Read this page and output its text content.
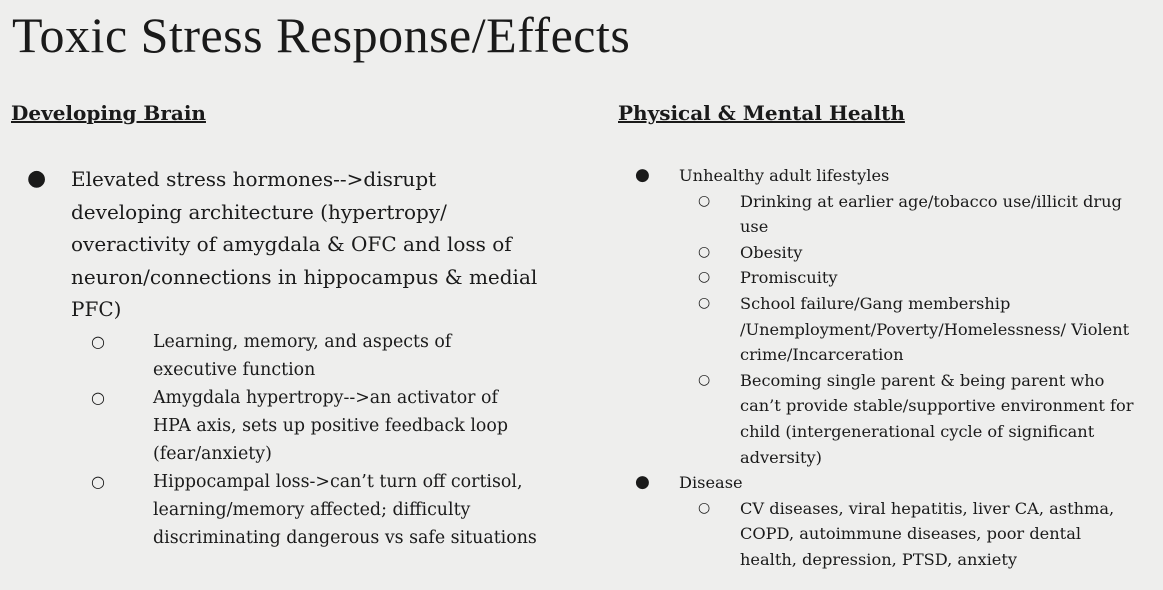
Toxic Stress Response/Effects
Developing Brain	Physical & Mental Health
● Elevated stress hormones-->disrupt developing architecture (hypertropy/ overactivity of amygdala & OFC and loss of neuron/connections in hippocampus & medial PFC)
○	Learning, memory, and aspects of executive function
○	Amygdala hypertropy-->an activator of HPA axis, sets up positive feedback loop (fear/anxiety)
○	Hippocampal loss->can’t turn off cortisol, learning/memory affected; difficulty discriminating dangerous vs safe situations
● Unhealthy adult lifestyles
○ Drinking at earlier age/tobacco use/illicit drug use
○ Obesity
○ Promiscuity
○ School failure/Gang membership /Unemployment/Poverty/Homelessness/ Violent crime/Incarceration
○ Becoming single parent & being parent who can’t provide stable/supportive environment for child (intergenerational cycle of significant adversity)
● Disease
○ CV diseases, viral hepatitis, liver CA, asthma, COPD, autoimmune diseases, poor dental health, depression, PTSD, anxiety
